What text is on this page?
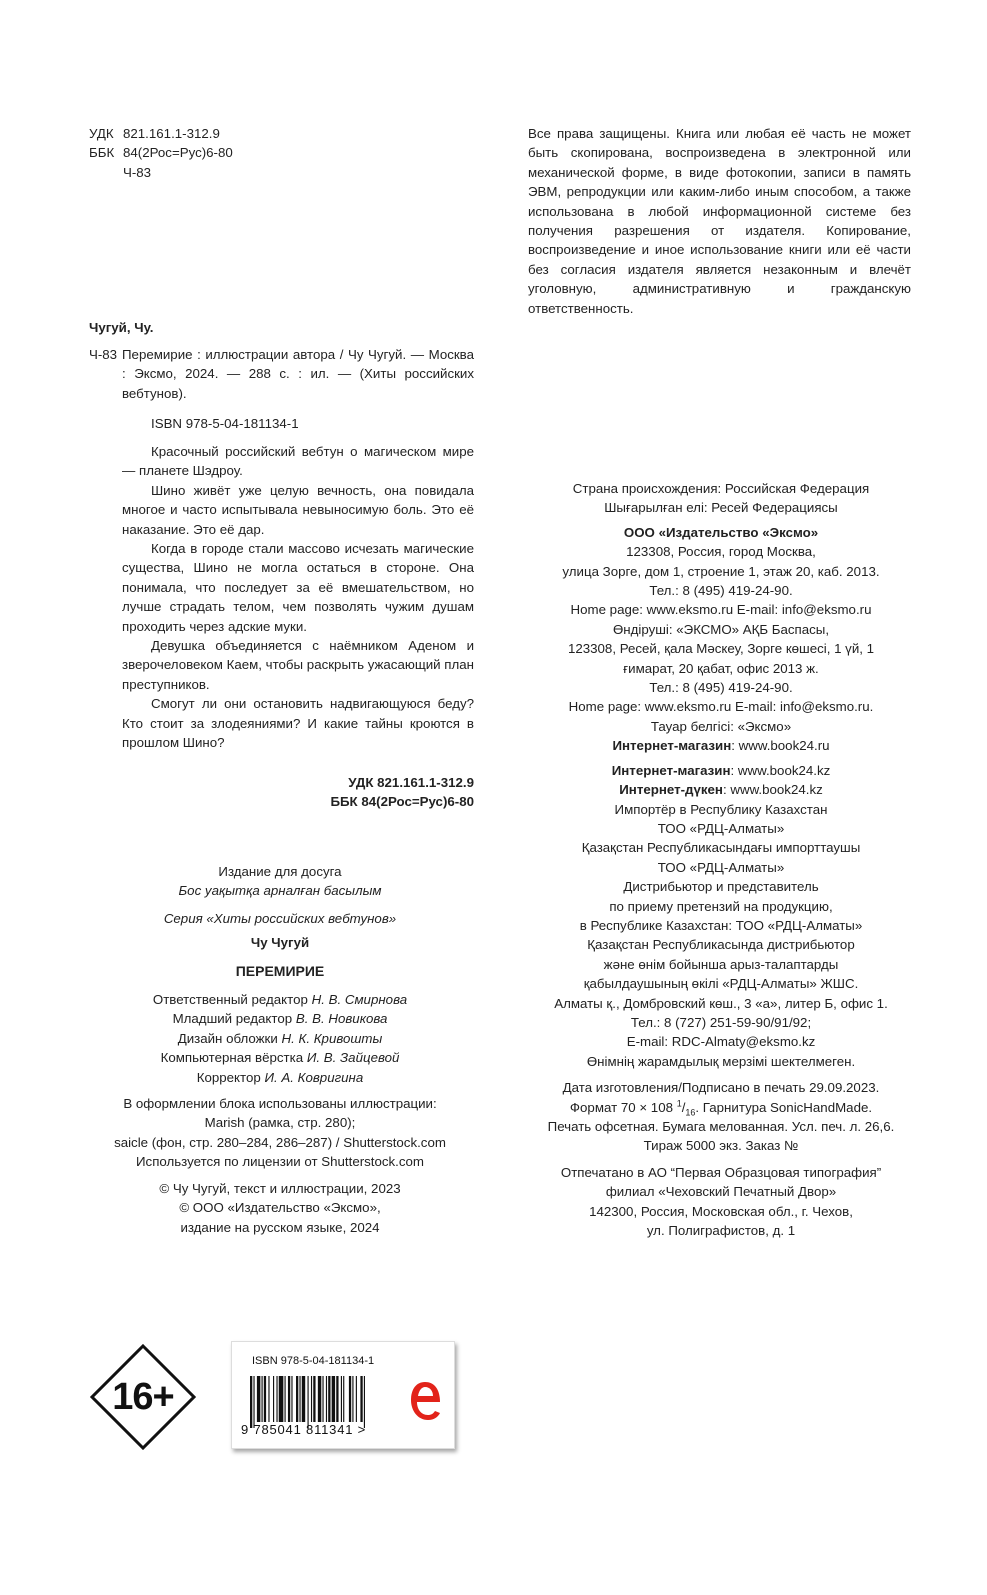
УДК 821.161.1-312.9
ББК 84(2Рос=Рус)6-80
Ч-83
Все права защищены. Книга или любая её часть не может быть скопирована, воспроизведена в электронной или механической форме, в виде фотокопии, записи в память ЭВМ, репродукции или каким-либо иным способом, а также использована в любой информационной системе без получения разрешения от издателя. Копирование, воспроизведение и иное использование книги или её части без согласия издателя является незаконным и влечёт уголовную, административную и гражданскую ответственность.
Чугуй, Чу.
Ч-83 Перемирие : иллюстрации автора / Чу Чугуй. — Москва : Эксмо, 2024. — 288 с. : ил. — (Хиты российских вебтунов).
ISBN 978-5-04-181134-1

Красочный российский вебтун о магическом мире — планете Шэдроу.

Шино живёт уже целую вечность, она повидала многое и часто испытывала невыносимую боль. Это её наказание. Это её дар.

Когда в городе стали массово исчезать магические существа, Шино не могла остаться в стороне. Она понимала, что последует за её вмешательством, но лучше страдать телом, чем позволять чужим душам проходить через адские муки.

Девушка объединяется с наёмником Аденом и зверочеловеком Каем, чтобы раскрыть ужасающий план преступников.

Смогут ли они остановить надвигающуюся беду? Кто стоит за злодеяниями? И какие тайны кроются в прошлом Шино?

УДК 821.161.1-312.9
ББК 84(2Рос=Рус)6-80
Издание для досуга
Бос уақытқа арналған басылым
Серия «Хиты российских вебтунов»
Чу Чугуй
ПЕРЕМИРИЕ
Ответственный редактор Н. В. Смирнова
Младший редактор В. В. Новикова
Дизайн обложки Н. К. Кривошты
Компьютерная вёрстка И. В. Зайцевой
Корректор И. А. Ковригина
В оформлении блока использованы иллюстрации:
Marish (рамка, стр. 280);
saicle (фон, стр. 280–284, 286–287) / Shutterstock.com
Используется по лицензии от Shutterstock.com
© Чу Чугуй, текст и иллюстрации, 2023
© ООО «Издательство «Эксмо»,
издание на русском языке, 2024
Страна происхождения: Российская Федерация
Шығарылған елі: Ресей Федерациясы
ООО «Издательство «Эксмо»
123308, Россия, город Москва,
улица Зорге, дом 1, строение 1, этаж 20, каб. 2013.
Тел.: 8 (495) 419-24-90.
Home page: www.eksmo.ru E-mail: info@eksmo.ru
Өндіруші: «ЭКСМО» АҚБ Баспасы,
123308, Ресей, қала Мәскеу, Зорге көшесі, 1 үй, 1
ғимарат, 20 қабат, офис 2013 ж.
Тел.: 8 (495) 419-24-90.
Home page: www.eksmo.ru E-mail: info@eksmo.ru.
Тауар белгісі: «Эксмо»
Интернет-магазин: www.book24.ru
Интернет-магазин: www.book24.kz
Интернет-дүкен: www.book24.kz
Импортёр в Республику Казахстан
ТОО «РДЦ-Алматы»
Қазақстан Республикасындағы импорттаушы
ТОО «РДЦ-Алматы»
Дистрибьютор и представитель
по приему претензий на продукцию,
в Республике Казахстан: ТОО «РДЦ-Алматы»
Қазақстан Республикасында дистрибьютор
және өнім бойынша арыз-талаптарды
қабылдаушының өкілі «РДЦ-Алматы» ЖШС.
Алматы қ., Домбровский көш., 3 «а», литер Б, офис 1.
Тел.: 8 (727) 251-59-90/91/92;
E-mail: RDC-Almaty@eksmo.kz
Өнімнің жарамдылық мерзімі шектелмеген.
Дата изготовления/Подписано в печать 29.09.2023.
Формат 70 × 108 $^1/_{16}$. Гарнитура SonicHandMade.
Печать офсетная. Бумага мелованная. Усл. печ. л. 26,6.
Тираж 5000 экз. Заказ №
Отпечатано в АО “Первая Образцовая типография”
филиал «Чеховский Печатный Двор»
142300, Россия, Московская обл., г. Чехов,
ул. Полиграфистов, д. 1
16+
ISBN 978-5-04-181134-1
9 785041 811341 >
